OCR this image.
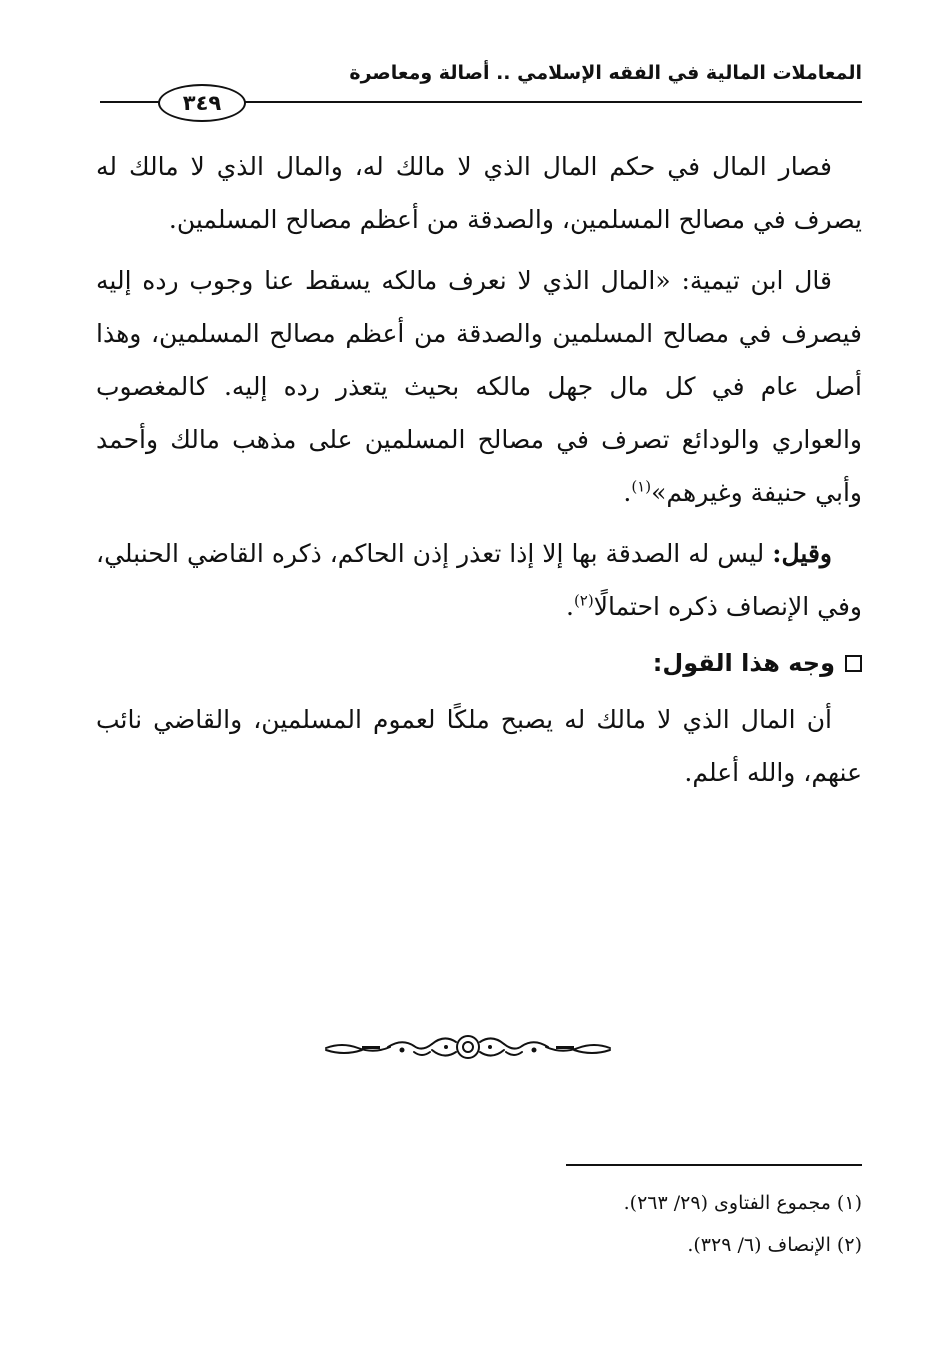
المعاملات المالية في الفقه الإسلامي .. أصالة ومعاصرة
٣٤٩

فصار المال في حكم المال الذي لا مالك له، والمال الذي لا مالك له يصرف في مصالح المسلمين، والصدقة من أعظم مصالح المسلمين.

قال ابن تيمية: «المال الذي لا نعرف مالكه يسقط عنا وجوب رده إليه فيصرف في مصالح المسلمين والصدقة من أعظم مصالح المسلمين، وهذا أصل عام في كل مال جهل مالكه بحيث يتعذر رده إليه. كالمغصوب والعواري والودائع تصرف في مصالح المسلمين على مذهب مالك وأحمد وأبي حنيفة وغيرهم»$^{(١)}$.

وقيل: ليس له الصدقة بها إلا إذا تعذر إذن الحاكم، ذكره القاضي الحنبلي، وفي الإنصاف ذكره احتمالًا$^{(٢)}$.

وجه هذا القول:

أن المال الذي لا مالك له يصبح ملكًا لعموم المسلمين، والقاضي نائب عنهم، والله أعلم.

(١) مجموع الفتاوى (٢٩/ ٢٦٣).
(٢) الإنصاف (٦/ ٣٢٩).
